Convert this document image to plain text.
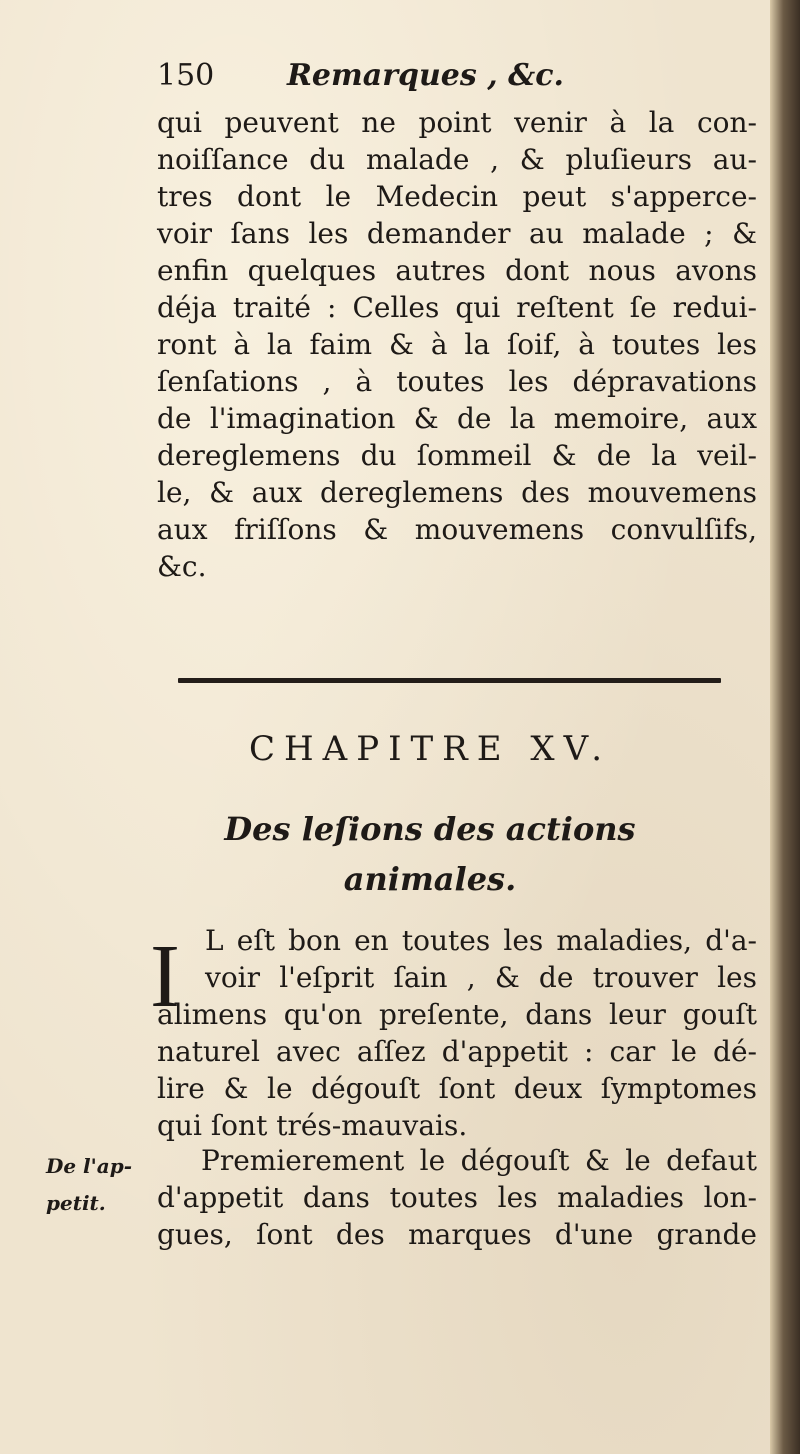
150 Remarques , &c.
qui peuvent ne point venir à la con-
noiſſance du malade , & pluſieurs au-
tres dont le Medecin peut s'apperce-
voir ſans les demander au malade ; &
enfin quelques autres dont nous avons
déja traité : Celles qui reſtent ſe redui-
ront à la faim & à la ſoif, à toutes les
ſenſations , à toutes les dépravations
de l'imagination & de la memoire, aux
dereglemens du ſommeil & de la veil-
le, & aux dereglemens des mouvemens
aux friſſons & mouvemens convulſifs,
&c.
CHAPITRE XV.
Des leſions des actions
animales.
I L eſt bon en toutes les maladies, d'a-
voir l'eſprit ſain , & de trouver les
alimens qu'on preſente, dans leur gouſt
naturel avec aſſez d'appetit : car le dé-
lire & le dégouſt ſont deux ſymptomes
qui ſont trés-mauvais.
De l'ap-
petit.
Premierement le dégouſt & le defaut
d'appetit dans toutes les maladies lon-
gues, ſont des marques d'une grande
